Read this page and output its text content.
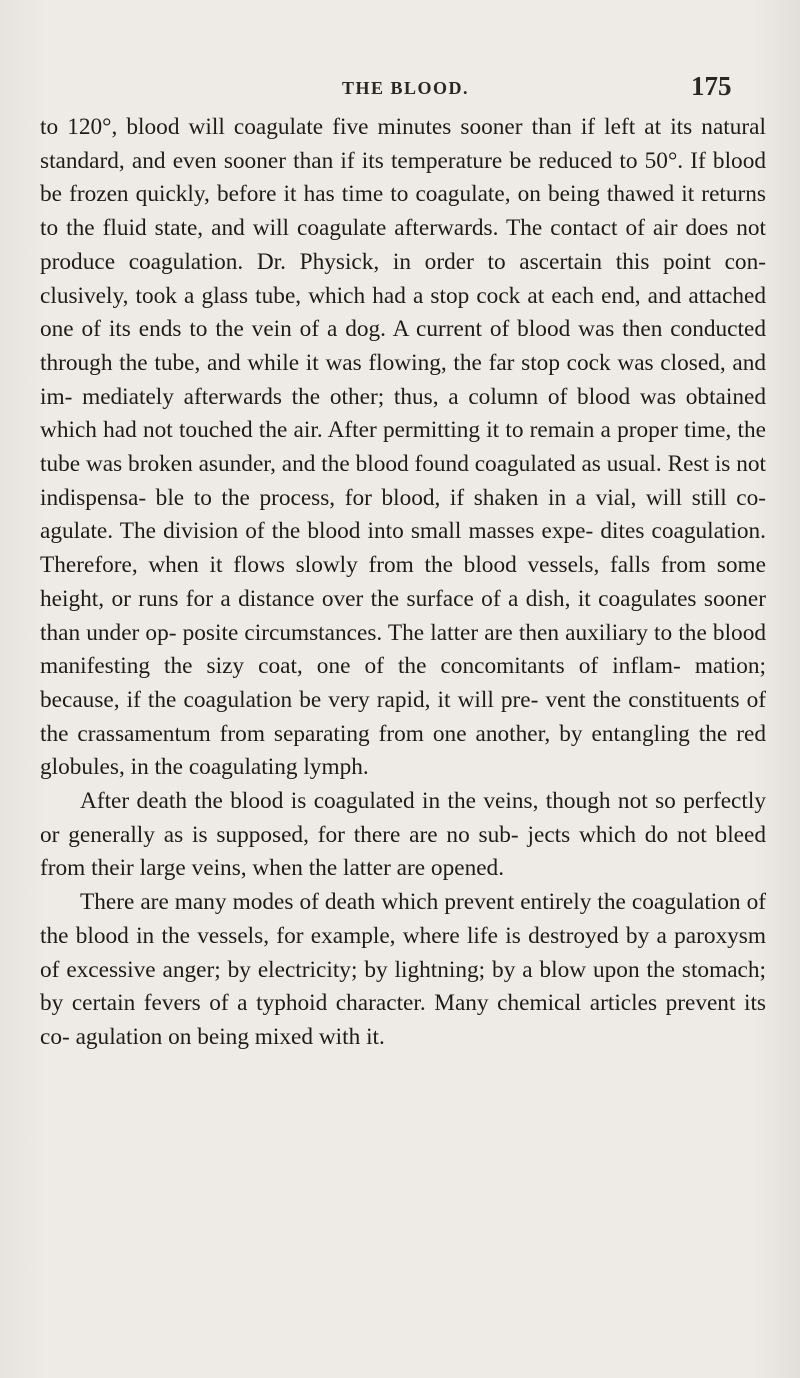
THE BLOOD.	175

to 120°, blood will coagulate five minutes sooner than if left at its natural standard, and even sooner than if its temperature be reduced to 50°. If blood be frozen quickly, before it has time to coagulate, on being thawed it returns to the fluid state, and will coagulate afterwards. The contact of air does not produce coagulation. Dr. Physick, in order to ascertain this point con- clusively, took a glass tube, which had a stop cock at each end, and attached one of its ends to the vein of a dog. A current of blood was then conducted through the tube, and while it was flowing, the far stop cock was closed, and im- mediately afterwards the other; thus, a column of blood was obtained which had not touched the air. After permitting it to remain a proper time, the tube was broken asunder, and the blood found coagulated as usual. Rest is not indispensa- ble to the process, for blood, if shaken in a vial, will still co- agulate. The division of the blood into small masses expe- dites coagulation. Therefore, when it flows slowly from the blood vessels, falls from some height, or runs for a distance over the surface of a dish, it coagulates sooner than under op- posite circumstances. The latter are then auxiliary to the blood manifesting the sizy coat, one of the concomitants of inflam- mation; because, if the coagulation be very rapid, it will pre- vent the constituents of the crassamentum from separating from one another, by entangling the red globules, in the coagulating lymph.

After death the blood is coagulated in the veins, though not so perfectly or generally as is supposed, for there are no sub- jects which do not bleed from their large veins, when the latter are opened.

There are many modes of death which prevent entirely the coagulation of the blood in the vessels, for example, where life is destroyed by a paroxysm of excessive anger; by electricity; by lightning; by a blow upon the stomach; by certain fevers of a typhoid character. Many chemical articles prevent its co- agulation on being mixed with it.
